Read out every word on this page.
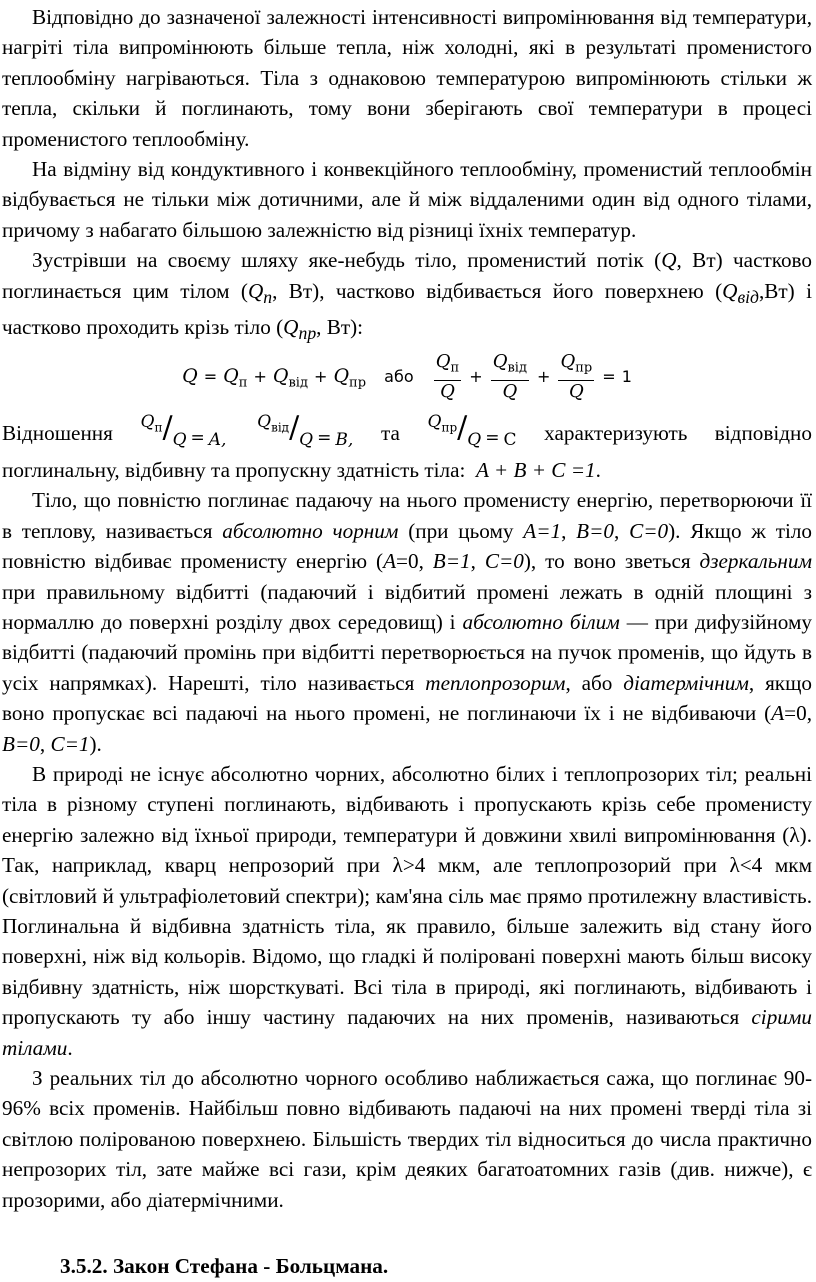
Відповідно до зазначеної залежності інтенсивності випромінювання від температури, нагріті тіла випромінюють більше тепла, ніж холодні, які в результаті променистого теплообміну нагріваються. Тіла з однаковою температурою випромінюють стільки ж тепла, скільки й поглинають, тому вони зберігають свої температури в процесі променистого теплообміну.

На відміну від кондуктивного і конвекційного теплообміну, променистий теплообмін відбувається не тільки між дотичними, але й між віддаленими один від одного тілами, причому з набагато більшою залежністю від різниці їхніх температур.

Зустрівши на своєму шляху яке-небудь тіло, променистий потік (Q, Вт) частково поглинається цим тілом ($Q_п$, Вт), частково відбивається його поверхнею $(Q_{від},Вт)$ і частково проходить крізь тіло ($Q_{пр}$, Вт):

$Q = Q_п + Q_{від} + Q_{пр}$ або $\frac{Q_п}{Q} + \frac{Q_{від}}{Q} + \frac{Q_{пр}}{Q} = 1$
Відношення $Q_п/Q = A$,
$Q_{від}/Q = B$, та $Q_{пр}/Q = C$ характеризують відповідно

поглинальну, відбивну та пропускну здатність тіла: A + B + C =1.

Тіло, що повністю поглинає падаючу на нього променисту енергію, перетворюючи її в теплову, називається абсолютно чорним (при цьому A=1, B=0, C=0). Якщо ж тіло повністю відбиває променисту енергію (A=0, B=1, C=0), то воно зветься дзеркальним при правильному відбитті (падаючий і відбитий промені лежать в одній площині з нормаллю до поверхні розділу двох середовищ) і абсолютно білим — при дифузійному відбитті (падаючий промінь при відбитті перетворюється на пучок променів, що йдуть в усіх напрямках). Нарешті, тіло називається теплопрозорим, або діатермічним, якщо воно пропускає всі падаючі на нього промені, не поглинаючи їх і не відбиваючи (A=0, B=0, C=1).

В природі не існує абсолютно чорних, абсолютно білих і теплопрозорих тіл; реальні тіла в різному ступені поглинають, відбивають і пропускають крізь себе променисту енергію залежно від їхньої природи, температури й довжини хвилі випромінювання (λ). Так, наприклад, кварц непрозорий при λ>4 мкм, але теплопрозорий при λ<4 мкм (світловий й ультрафіолетовий спектри); кам'яна сіль має прямо протилежну властивість. Поглинальна й відбивна здатність тіла, як правило, більше залежить від стану його поверхні, ніж від кольорів. Відомо, що гладкі й поліровані поверхні мають більш високу відбивну здатність, ніж шорсткуваті. Всі тіла в природі, які поглинають, відбивають і пропускають ту або іншу частину падаючих на них променів, називаються сірими тілами.

З реальних тіл до абсолютно чорного особливо наближається сажа, що поглинає 90-96% всіх променів. Найбільш повно відбивають падаючі на них промені тверді тіла зі світлою полірованою поверхнею. Більшість твердих тіл відноситься до числа практично непрозорих тіл, зате майже всі гази, крім деяких багатоатомних газів (див. нижче), є прозорими, або діатермічними.

3.5.2. Закон Стефана - Больцмана.
